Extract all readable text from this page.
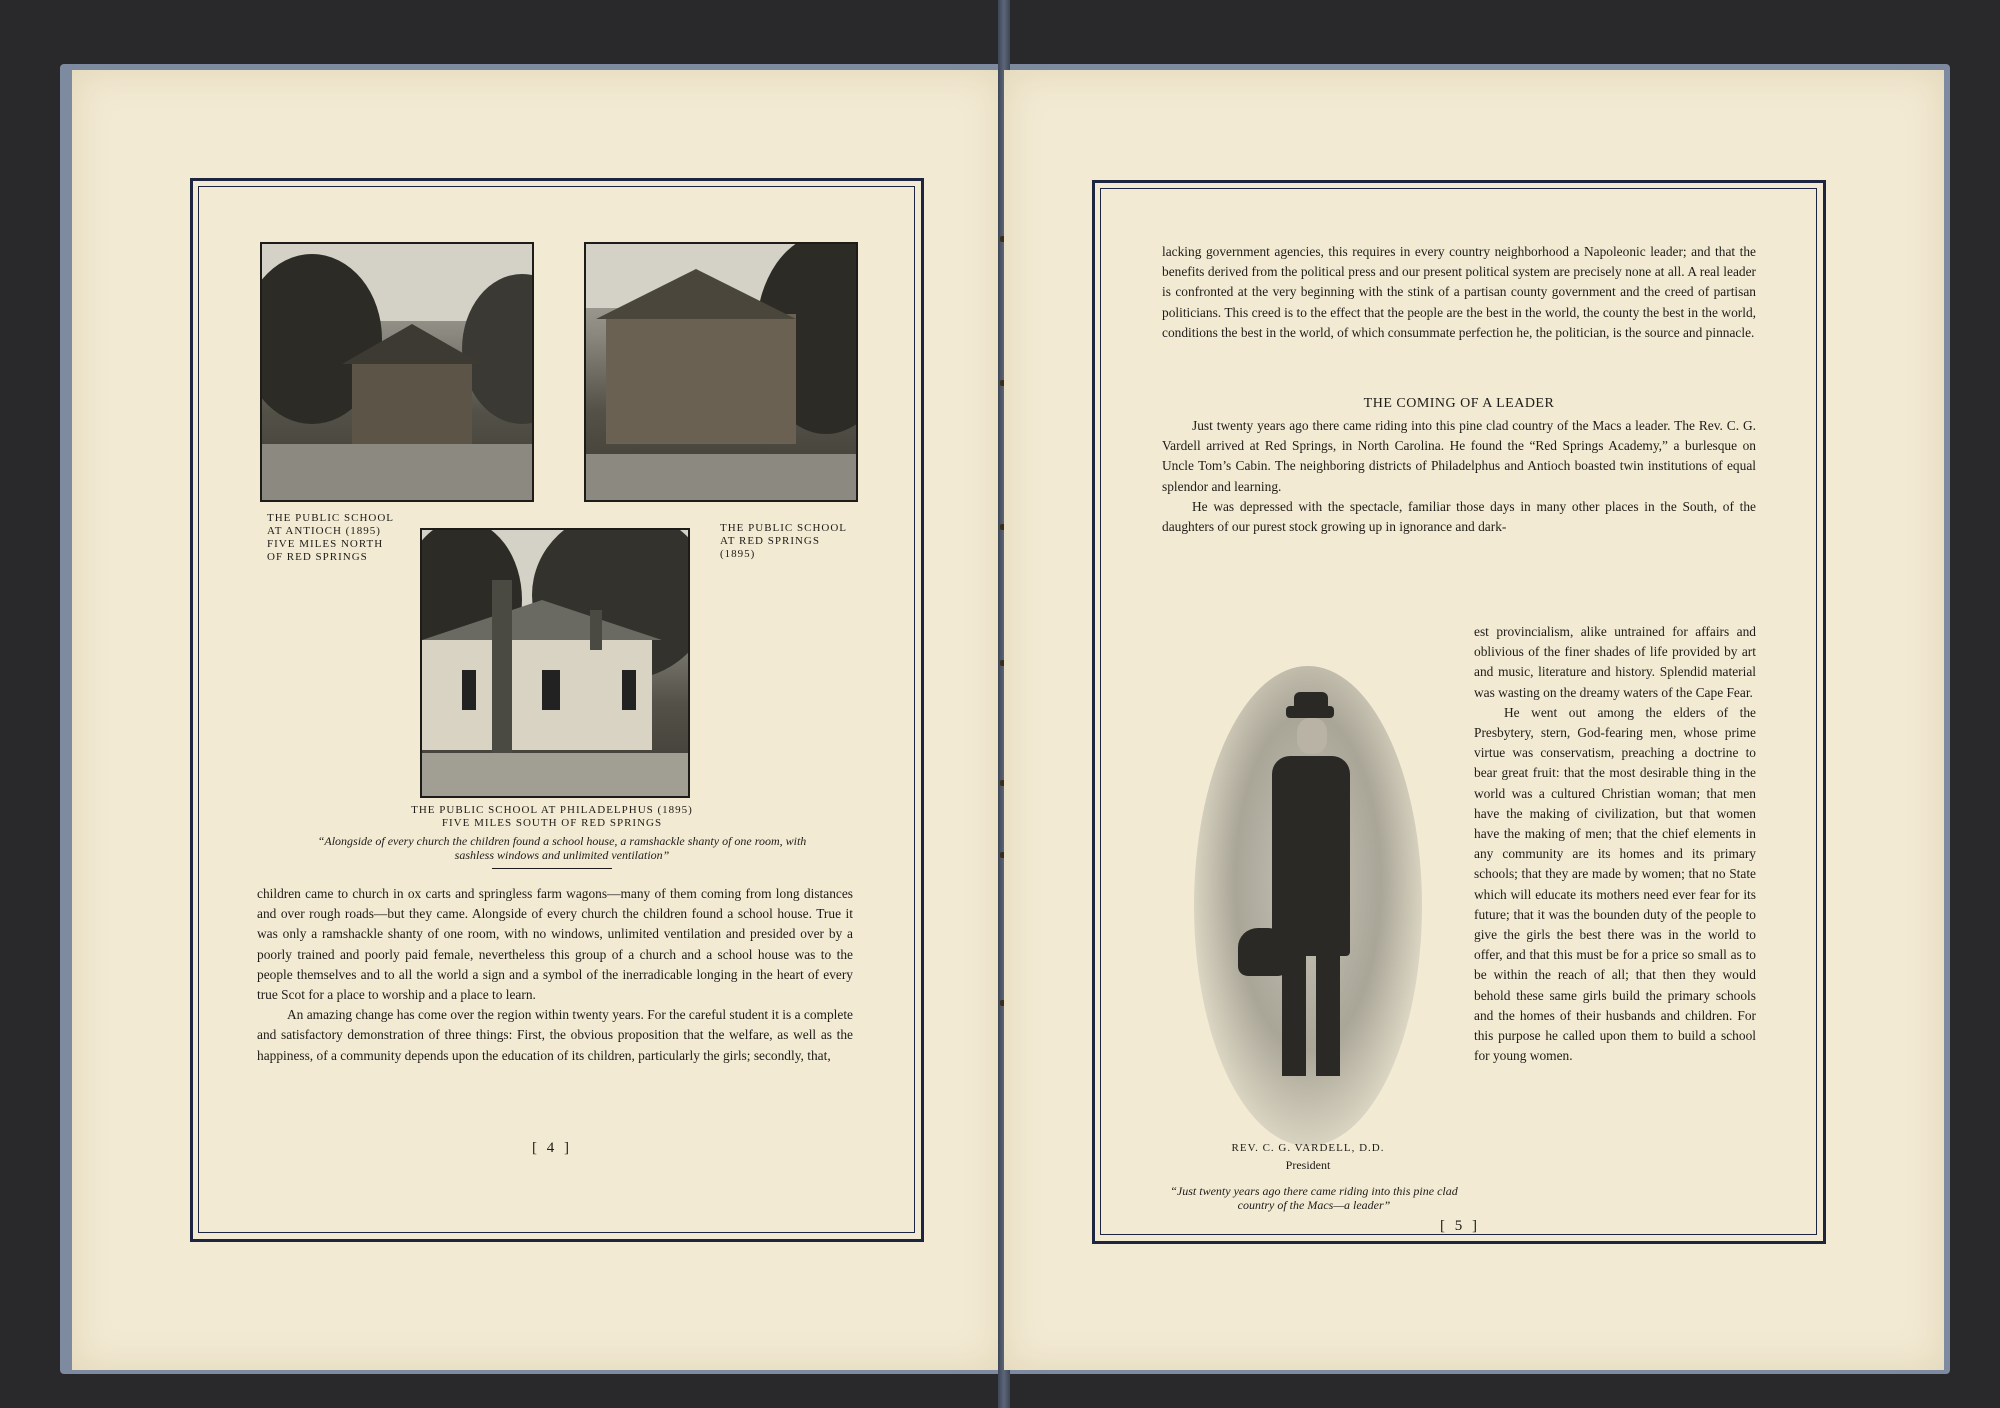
THE PUBLIC SCHOOL
AT ANTIOCH (1895)
FIVE MILES NORTH
OF RED SPRINGS
THE PUBLIC SCHOOL
AT RED SPRINGS
(1895)
THE PUBLIC SCHOOL AT PHILADELPHUS (1895)
FIVE MILES SOUTH OF RED SPRINGS
“Alongside of every church the children found a school house, a ramshackle shanty of one room, with sashless windows and unlimited ventilation”

children came to church in ox carts and springless farm wagons—many of them coming from long distances and over rough roads—but they came. Alongside of every church the children found a school house. True it was only a ramshackle shanty of one room, with no windows, unlimited ventilation and presided over by a poorly trained and poorly paid female, nevertheless this group of a church and a school house was to the people themselves and to all the world a sign and a symbol of the inerradicable longing in the heart of every true Scot for a place to worship and a place to learn.

An amazing change has come over the region within twenty years. For the careful student it is a complete and satisfactory demonstration of three things: First, the obvious proposition that the welfare, as well as the happiness, of a community depends upon the education of its children, particularly the girls; secondly, that,

[ 4 ]

lacking government agencies, this requires in every country neighborhood a Napoleonic leader; and that the benefits derived from the political press and our present political system are precisely none at all. A real leader is confronted at the very beginning with the stink of a partisan county government and the creed of partisan politicians. This creed is to the effect that the people are the best in the world, the county the best in the world, conditions the best in the world, of which consummate perfection he, the politician, is the source and pinnacle.

THE COMING OF A LEADER

Just twenty years ago there came riding into this pine clad country of the Macs a leader. The Rev. C. G. Vardell arrived at Red Springs, in North Carolina. He found the “Red Springs Academy,” a burlesque on Uncle Tom’s Cabin. The neighboring districts of Philadelphus and Antioch boasted twin institutions of equal splendor and learning.

He was depressed with the spectacle, familiar those days in many other places in the South, of the daughters of our purest stock growing up in ignorance and dark-

REV. C. G. VARDELL, D.D.
President
“Just twenty years ago there came riding into this pine clad country of the Macs—a leader”

est provincialism, alike untrained for affairs and oblivious of the finer shades of life provided by art and music, literature and history. Splendid material was wasting on the dreamy waters of the Cape Fear.

He went out among the elders of the Presbytery, stern, God-fearing men, whose prime virtue was conservatism, preaching a doctrine to bear great fruit: that the most desirable thing in the world was a cultured Christian woman; that men have the making of civilization, but that women have the making of men; that the chief elements in any community are its homes and its primary schools; that they are made by women; that no State which will educate its mothers need ever fear for its future; that it was the bounden duty of the people to give the girls the best there was in the world to offer, and that this must be for a price so small as to be within the reach of all; that then they would behold these same girls build the primary schools and the homes of their husbands and children. For this purpose he called upon them to build a school for young women.

[ 5 ]
